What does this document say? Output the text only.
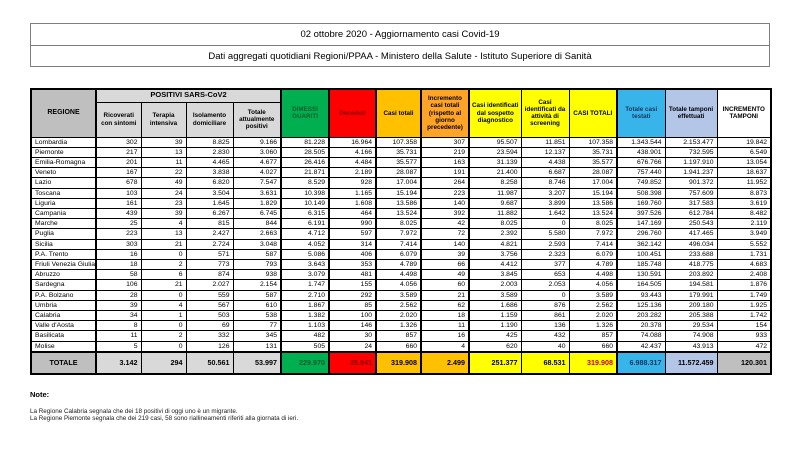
02 ottobre 2020 - Aggiornamento casi Covid-19
Dati aggregati quotidiani Regioni/PPAA - Ministero della Salute - Istituto Superiore di Sanità
REGIONE	POSITIVI SARS-CoV2				DIMESSI GUARITI	Deceduti	Casi totali	Incremento casi totali (rispetto al giorno precedente)	Casi identificati dal sospetto diagnostico	Casi identificati da attività di screening	CASI TOTALI	Totale casi testati	Totale tamponi effettuati	INCREMENTO TAMPONI
	Ricoverati con sintomi	Terapia intensiva	Isolamento domiciliare	Totale attualmente positivi										
Lombardia	302	39	8.825	9.166	81.228	16.964	107.358	307	95.507	11.851	107.358	1.343.544	2.153.477	19.842
Piemonte	217	13	2.830	3.060	28.505	4.166	35.731	219	23.594	12.137	35.731	438.901	732.595	6.549
Emilia-Romagna	201	11	4.465	4.677	26.416	4.484	35.577	163	31.139	4.438	35.577	676.766	1.197.910	13.054
Veneto	167	22	3.838	4.027	21.871	2.189	28.087	191	21.400	6.687	28.087	757.440	1.941.237	18.637
Lazio	678	49	6.820	7.547	8.529	928	17.004	264	8.258	8.746	17.004	749.852	901.372	11.952
Toscana	103	24	3.504	3.631	10.398	1.165	15.194	223	11.987	3.207	15.194	508.398	757.609	8.873
Liguria	161	23	1.645	1.829	10.149	1.608	13.586	140	9.687	3.899	13.586	169.760	317.583	3.619
Campania	439	39	6.267	6.745	6.315	464	13.524	392	11.882	1.642	13.524	397.526	612.784	8.482
Marche	25	4	815	844	6.191	990	8.025	42	8.025	0	8.025	147.169	250.543	2.119
Puglia	223	13	2.427	2.663	4.712	597	7.972	72	2.392	5.580	7.972	296.760	417.465	3.949
Sicilia	303	21	2.724	3.048	4.052	314	7.414	140	4.821	2.593	7.414	362.142	496.034	5.552
P.A. Trento	16	0	571	587	5.086	406	6.079	39	3.756	2.323	6.079	100.451	233.688	1.731
Friuli Venezia Giulia	18	2	773	793	3.643	353	4.789	66	4.412	377	4.789	185.748	418.775	4.683
Abruzzo	58	6	874	938	3.079	481	4.498	49	3.845	653	4.498	130.591	203.892	2.408
Sardegna	106	21	2.027	2.154	1.747	155	4.056	60	2.003	2.053	4.056	164.505	194.581	1.876
P.A. Bolzano	28	0	559	587	2.710	292	3.589	21	3.589	0	3.589	93.443	179.991	1.749
Umbria	39	4	567	610	1.867	85	2.562	62	1.686	876	2.562	125.136	209.180	1.925
Calabria	34	1	503	538	1.382	100	2.020	18	1.159	861	2.020	203.282	205.388	1.742
Valle d'Aosta	8	0	69	77	1.103	146	1.326	11	1.190	136	1.326	20.378	29.534	154
Basilicata	11	2	332	345	482	30	857	16	425	432	857	74.088	74.908	933
Molise	5	0	126	131	505	24	660	4	620	40	660	42.437	43.913	472
TOTALE	3.142	294	50.561	53.997	229.970	35.941	319.908	2.499	251.377	68.531	319.908	6.988.317	11.572.459	120.301
Note:
La Regione Calabria segnala che dei 18 positivi di oggi uno è un migrante.
La Regione Piemonte segnala che dei 219 casi, 58 sono riallineamenti riferiti alla giornata di ieri.
